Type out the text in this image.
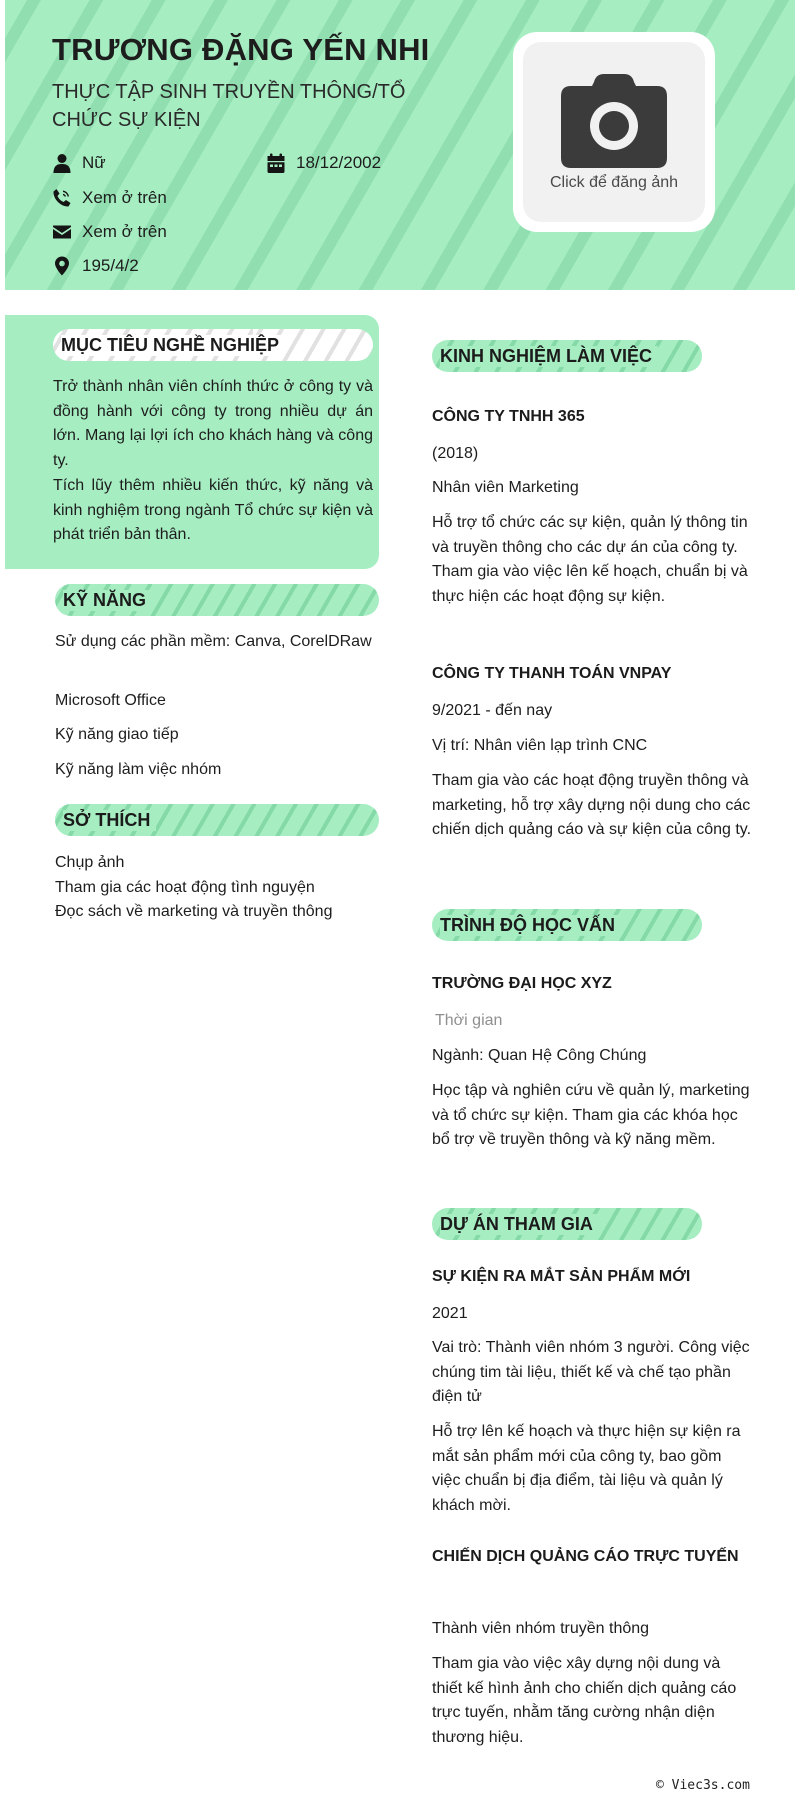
TRƯƠNG ĐẶNG YẾN NHI
THỰC TẬP SINH TRUYỀN THÔNG/TỔ CHỨC SỰ KIỆN
Nữ	18/12/2002
Xem ở trên
Xem ở trên
195/4/2
Click để đăng ảnh
MỤC TIÊU NGHỀ NGHIỆP
Trở thành nhân viên chính thức ở công ty và đồng hành với công ty trong nhiều dự án lớn. Mang lại lợi ích cho khách hàng và công ty.
Tích lũy thêm nhiều kiến thức, kỹ năng và kinh nghiệm trong ngành Tổ chức sự kiện và phát triển bản thân.
KỸ NĂNG
Sử dụng các phần mềm: Canva, CorelDRaw
Microsoft Office
Kỹ năng giao tiếp
Kỹ năng làm việc nhóm
SỞ THÍCH
Chụp ảnh
Tham gia các hoạt động tình nguyện
Đọc sách về marketing và truyền thông
KINH NGHIỆM LÀM VIỆC
CÔNG TY TNHH 365
(2018)
Nhân viên Marketing
Hỗ trợ tổ chức các sự kiện, quản lý thông tin và truyền thông cho các dự án của công ty. Tham gia vào việc lên kế hoạch, chuẩn bị và thực hiện các hoạt động sự kiện.
CÔNG TY THANH TOÁN VNPAY
9/2021 - đến nay
Vị trí: Nhân viên lạp trình CNC
Tham gia vào các hoạt động truyền thông và marketing, hỗ trợ xây dựng nội dung cho các chiến dịch quảng cáo và sự kiện của công ty.
TRÌNH ĐỘ HỌC VẤN
TRƯỜNG ĐẠI HỌC XYZ
Thời gian
Ngành: Quan Hệ Công Chúng
Học tập và nghiên cứu về quản lý, marketing và tổ chức sự kiện. Tham gia các khóa học bổ trợ về truyền thông và kỹ năng mềm.
DỰ ÁN THAM GIA
SỰ KIỆN RA MẮT SẢN PHẨM MỚI
2021
Vai trò: Thành viên nhóm 3 người. Công việc chúng tim tài liệu, thiết kế và chế tạo phần điện tử
Hỗ trợ lên kế hoạch và thực hiện sự kiện ra mắt sản phẩm mới của công ty, bao gồm việc chuẩn bị địa điểm, tài liệu và quản lý khách mời.
CHIẾN DỊCH QUẢNG CÁO TRỰC TUYẾN
Thành viên nhóm truyền thông
Tham gia vào việc xây dựng nội dung và thiết kế hình ảnh cho chiến dịch quảng cáo trực tuyến, nhằm tăng cường nhận diện thương hiệu.
© Viec3s.com
